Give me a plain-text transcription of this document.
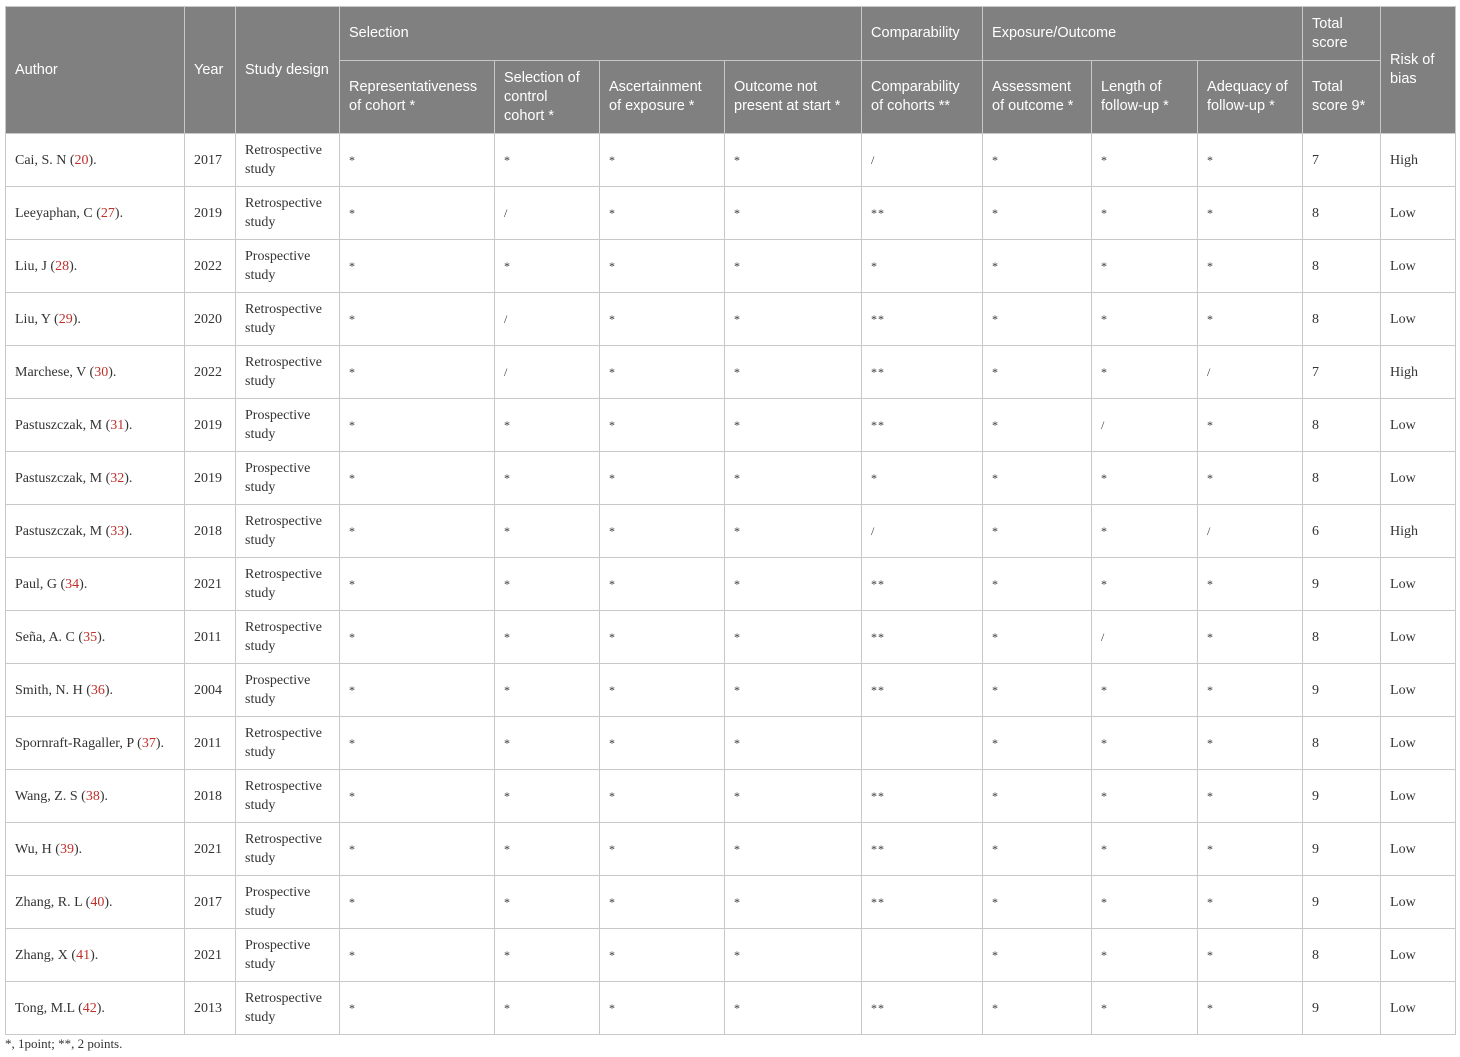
Author	Year	Study design	Selection				Comparability	Exposure/Outcome			Total score	Risk of bias
			Representativeness of cohort *	Selection of control cohort *	Ascertainment of exposure *	Outcome not present at start *	Comparability of cohorts **	Assessment of outcome *	Length of follow-up *	Adequacy of follow-up *	Total score 9*	
Cai, S. N (20).	2017	Retrospective study	*	*	*	*	/	*	*	*	7	High
Leeyaphan, C (27).	2019	Retrospective study	*	/	*	*	**	*	*	*	8	Low
Liu, J (28).	2022	Prospective study	*	*	*	*	*	*	*	*	8	Low
Liu, Y (29).	2020	Retrospective study	*	/	*	*	**	*	*	*	8	Low
Marchese, V (30).	2022	Retrospective study	*	/	*	*	**	*	*	/	7	High
Pastuszczak, M (31).	2019	Prospective study	*	*	*	*	**	*	/	*	8	Low
Pastuszczak, M (32).	2019	Prospective study	*	*	*	*	*	*	*	*	8	Low
Pastuszczak, M (33).	2018	Retrospective study	*	*	*	*	/	*	*	/	6	High
Paul, G (34).	2021	Retrospective study	*	*	*	*	**	*	*	*	9	Low
Seña, A. C (35).	2011	Retrospective study	*	*	*	*	**	*	/	*	8	Low
Smith, N. H (36).	2004	Prospective study	*	*	*	*	**	*	*	*	9	Low
Spornraft-Ragaller, P (37).	2011	Retrospective study	*	*	*	*		*	*	*	8	Low
Wang, Z. S (38).	2018	Retrospective study	*	*	*	*	**	*	*	*	9	Low
Wu, H (39).	2021	Retrospective study	*	*	*	*	**	*	*	*	9	Low
Zhang, R. L (40).	2017	Prospective study	*	*	*	*	**	*	*	*	9	Low
Zhang, X (41).	2021	Prospective study	*	*	*	*		*	*	*	8	Low
Tong, M.L (42).	2013	Retrospective study	*	*	*	*	**	*	*	*	9	Low
*, 1point; **, 2 points.
